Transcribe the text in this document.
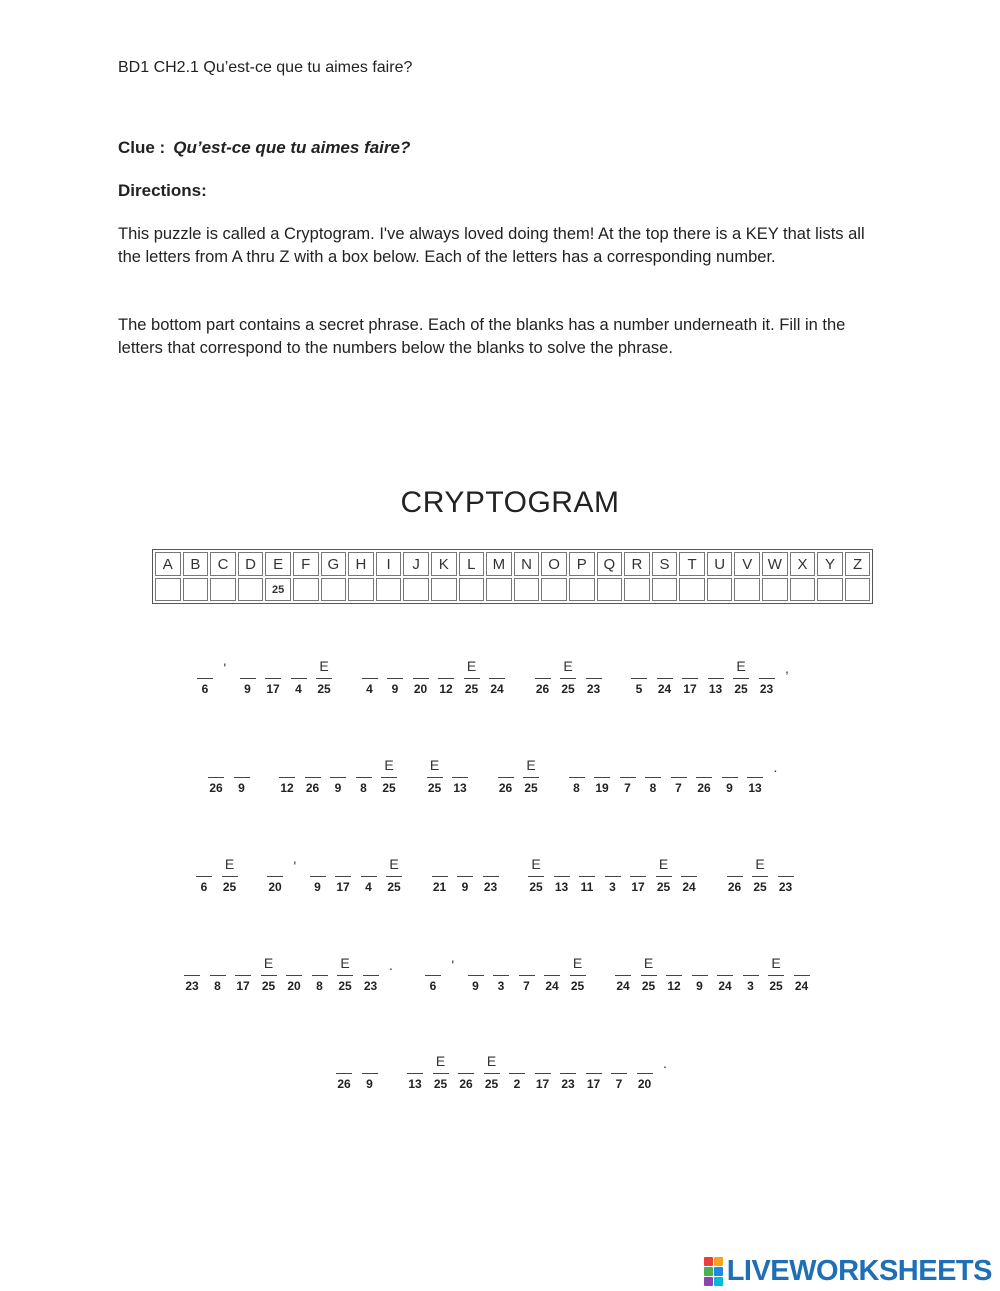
BD1 CH2.1 Qu’est-ce que tu aimes faire?
Clue : Qu’est-ce que tu aimes faire?
Directions:
This puzzle is called a Cryptogram. I've always loved doing them! At the top there is a KEY that lists all the letters from A thru Z with a box below. Each of the letters has a corresponding number.
The bottom part contains a secret phrase. Each of the blanks has a number underneath it. Fill in the letters that correspond to the numbers below the blanks to solve the phrase.
CRYPTOGRAM
A	B	C	D	E	F	G	H	I	J	K	L	M	N	O	P	Q	R	S	T	U	V	W	X	Y	Z
				25																					
6
'
9	17	4
E
25	4	9	20	12
E
25	24	26
E
25	23	5	24	17	13
E
25	23
,
26	9	12	26	9	8
E
25
E
25	13	26
E
25	8	19	7	8	7	26	9	13
.
6
E
25	20
'
9	17	4
E
25	21	9	23
E
25	13	11	3	17
E
25	24	26
E
25	23
23	8	17
E
25	20	8
E
25	23
.
6
'
9	3	7	24
E
25	24
E
25	12	9	24	3
E
25	24
26	9	13
E
25	26
E
25	2	17	23	17	7	20
.
LIVEWORKSHEETS
